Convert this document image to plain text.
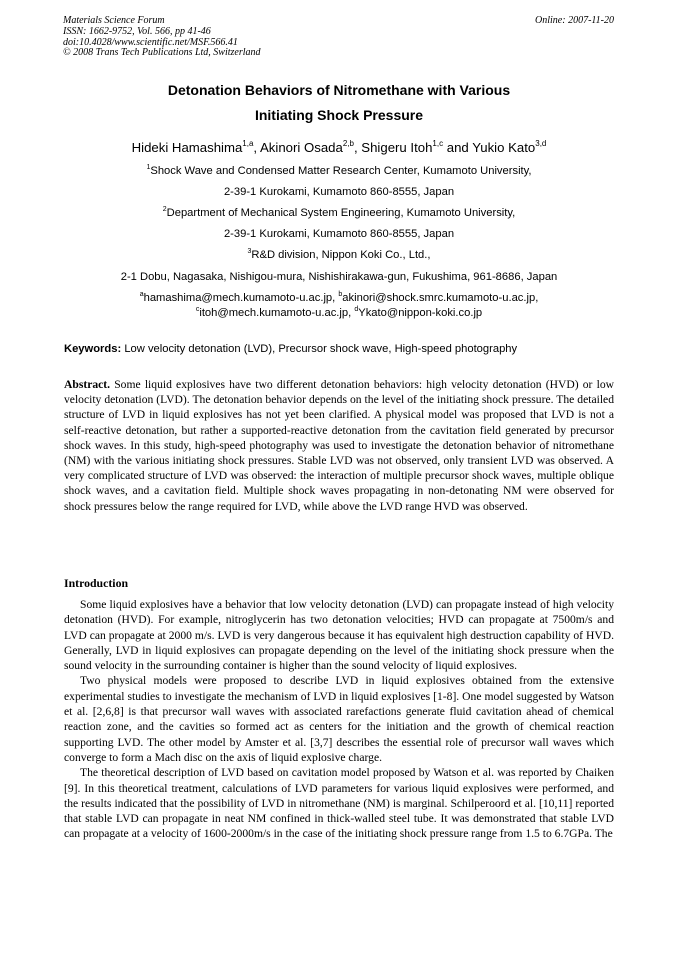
Materials Science Forum
ISSN: 1662-9752, Vol. 566, pp 41-46
doi:10.4028/www.scientific.net/MSF.566.41
© 2008 Trans Tech Publications Ltd, Switzerland
Online: 2007-11-20
Detonation Behaviors of Nitromethane with Various
Initiating Shock Pressure
Hideki Hamashima$^{1,a}$, Akinori Osada$^{2,b}$, Shigeru Itoh$^{1,c}$ and Yukio Kato$^{3,d}$
$^1$Shock Wave and Condensed Matter Research Center, Kumamoto University,
2-39-1 Kurokami, Kumamoto 860-8555, Japan
$^2$Department of Mechanical System Engineering, Kumamoto University,
2-39-1 Kurokami, Kumamoto 860-8555, Japan
$^3$R&D division, Nippon Koki Co., Ltd.,
2-1 Dobu, Nagasaka, Nishigou-mura, Nishishirakawa-gun, Fukushima, 961-8686, Japan
$^a$hamashima@mech.kumamoto-u.ac.jp, $^b$akinori@shock.smrc.kumamoto-u.ac.jp,
$^c$itoh@mech.kumamoto-u.ac.jp, $^d$Ykato@nippon-koki.co.jp
Keywords: Low velocity detonation (LVD), Precursor shock wave, High-speed photography
Abstract. Some liquid explosives have two different detonation behaviors: high velocity detonation (HVD) or low velocity detonation (LVD). The detonation behavior depends on the level of the initiating shock pressure. The detailed structure of LVD in liquid explosives has not yet been clarified. A physical model was proposed that LVD is not a self-reactive detonation, but rather a supported-reactive detonation from the cavitation field generated by precursor shock waves. In this study, high-speed photography was used to investigate the detonation behavior of nitromethane (NM) with the various initiating shock pressures. Stable LVD was not observed, only transient LVD was observed. A very complicated structure of LVD was observed: the interaction of multiple precursor shock waves, multiple oblique shock waves, and a cavitation field. Multiple shock waves propagating in non-detonating NM were observed for shock pressures below the range required for LVD, while above the LVD range HVD was observed.
Introduction

Some liquid explosives have a behavior that low velocity detonation (LVD) can propagate instead of high velocity detonation (HVD). For example, nitroglycerin has two detonation velocities; HVD can propagate at 7500m/s and LVD can propagate at 2000 m/s. LVD is very dangerous because it has equivalent high destruction capability of HVD. Generally, LVD in liquid explosives can propagate depending on the level of the initiating shock pressure when the sound velocity in the surrounding container is higher than the sound velocity of liquid explosives.

Two physical models were proposed to describe LVD in liquid explosives obtained from the extensive experimental studies to investigate the mechanism of LVD in liquid explosives [1-8]. One model suggested by Watson et al. [2,6,8] is that precursor wall waves with associated rarefactions generate fluid cavitation ahead of chemical reaction zone, and the cavities so formed act as centers for the initiation and the growth of chemical reaction supporting LVD. The other model by Amster et al. [3,7] describes the essential role of precursor wall waves which converge to form a Mach disc on the axis of liquid explosive charge.

The theoretical description of LVD based on cavitation model proposed by Watson et al. was reported by Chaiken [9]. In this theoretical treatment, calculations of LVD parameters for various liquid explosives were performed, and the results indicated that the possibility of LVD in nitromethane (NM) is marginal. Schilperoord et al. [10,11] reported that stable LVD can propagate in neat NM confined in thick-walled steel tube. It was demonstrated that stable LVD can propagate at a velocity of 1600-2000m/s in the case of the initiating shock pressure range from 1.5 to 6.7GPa. The
